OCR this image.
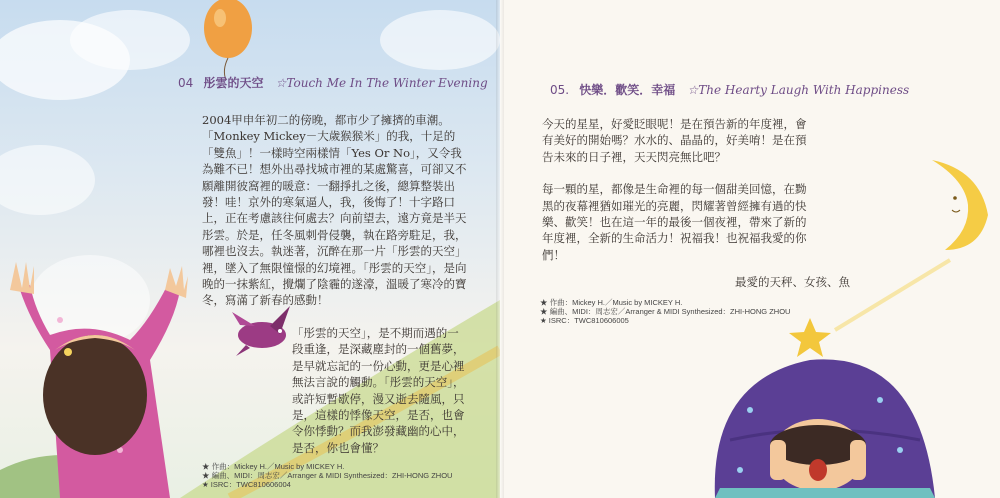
04 彤雲的天空 ☆Touch Me In The Winter Evening

2004甲申年初二的傍晚，都市少了擁擠的車潮。「Monkey Mickey－大歲猴猴米」的我，十足的「雙魚」！一樣時空兩樣情「Yes Or No」，又令我為難不已！想外出尋找城市裡的某處驚喜，可卻又不願離開彼窩裡的暖意：一翻掙扎之後，總算整裝出發！哇！京外的寒氣逼人，我，後悔了！十字路口上，正在考慮該往何處去？向前望去，遠方竟是半天彤雲。於是，任冬風刺骨侵襲，執在路旁駐足，我，哪裡也沒去。執迷著，沉醉在那一片「彤雲的天空」裡，墜入了無限憧憬的幻境裡。「彤雲的天空」，是向晚的一抹紫紅，攪爛了陰霾的遂濠，溫暖了寒冷的寶冬，寫滿了新春的感動！

「彤雲的天空」，是不期而遇的一段重逢，是深藏塵封的一個舊夢，是早就忘記的一份心動，更是心裡無法言說的觸動。「彤雲的天空」，或許短暫歇停，漫又逝去隨風，只是，這樣的悸像天空，是否，也會令你悸動？而我澎發藏幽的心中，是否，你也會懂？

★ 作曲：Mickey H.／Music by MICKEY H.
★ 編曲、MIDI：周志宏／Arranger & MIDI Synthesized：ZHI-HONG ZHOU
★ ISRC：TWC810606004
05. 快樂．歡笑．幸福 ☆The Hearty Laugh With Happiness

今天的星星，好愛眨眼呢！是在預告新的年度裡，會有美好的開始嗎？水水的、晶晶的，好美唷！是在預告未來的日子裡，天天閃亮無比吧？

每一顆的星，都像是生命裡的每一個甜美回憶，在黝黑的夜幕裡猶如璀光的亮麗，閃耀著曾經擁有過的快樂、歡笑！也在這一年的最後一個夜裡，帶來了新的年度裡，全新的生命活力！祝福我！也祝福我愛的你們！

最愛的天秤、女孩、魚
★ 作曲：Mickey H.／Music by MICKEY H.
★ 編曲、MIDI：周志宏／Arranger & MIDI Synthesized：ZHI-HONG ZHOU
★ ISRC：TWC810606005
